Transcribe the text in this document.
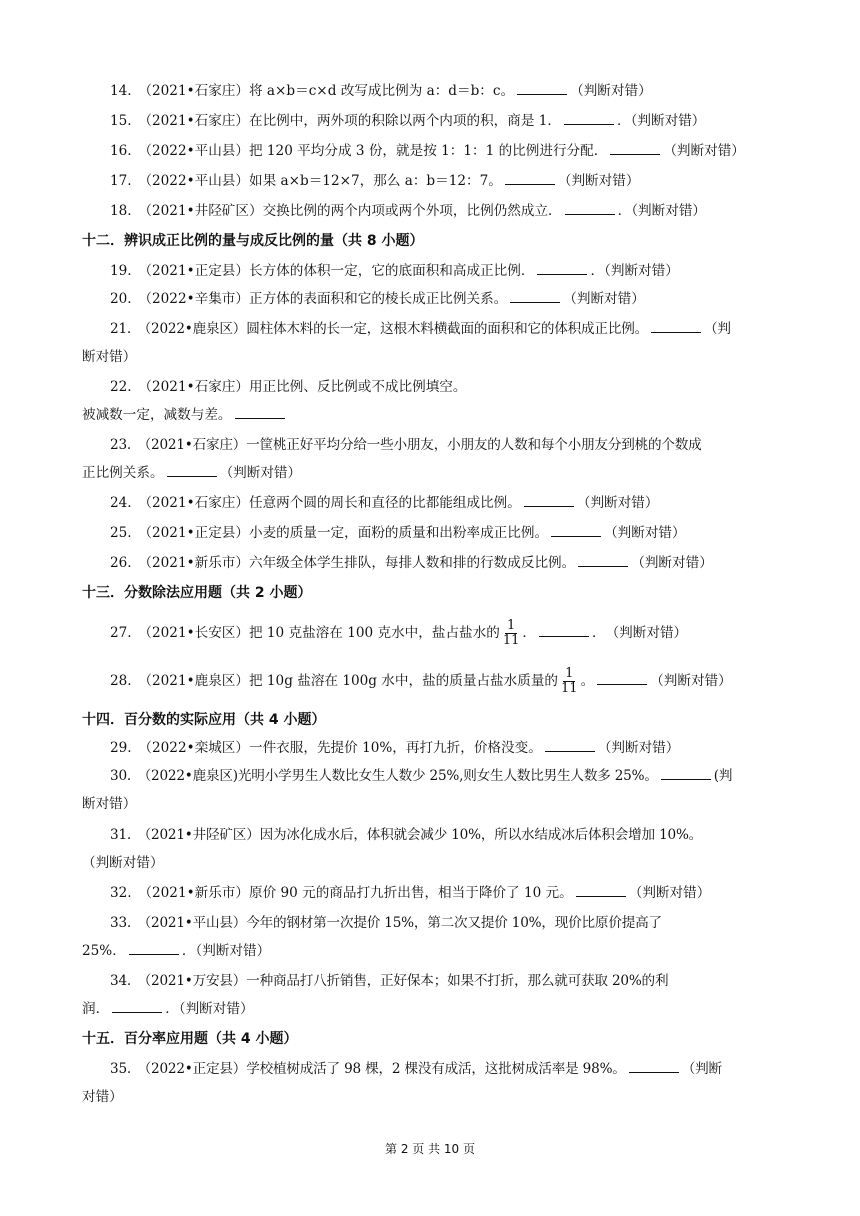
14.　（2021•石家庄）将 a×b＝c×d 改写成比例为 a：d＝b：c。	（判断对错）
15.　（2021•石家庄）在比例中，两外项的积除以两个内项的积，商是 1．	．（判断对错）
16.　（2022•平山县）把 120 平均分成 3 份，就是按 1：1：1 的比例进行分配．	（判断对错）
17.　（2022•平山县）如果 a×b＝12×7，那么 a：b＝12：7。	（判断对错）
18.　（2021•井陉矿区）交换比例的两个内项或两个外项，比例仍然成立．	．（判断对错）
十二．辨识成正比例的量与成反比例的量（共 8 小题）
19.　（2021•正定县）长方体的体积一定，它的底面积和高成正比例．	．（判断对错）
20.　（2022•辛集市）正方体的表面积和它的棱长成正比例关系。	（判断对错）
21.　（2022•鹿泉区）圆柱体木料的长一定，这根木料横截面的面积和它的体积成正比例。	（判
断对错）
22.　（2021•石家庄）用正比例、反比例或不成比例填空。
被减数一定，减数与差。
23.　（2021•石家庄）一筐桃正好平均分给一些小朋友，小朋友的人数和每个小朋友分到桃的个数成
正比例关系。	（判断对错）
24.　（2021•石家庄）任意两个圆的周长和直径的比都能组成比例。	（判断对错）
25.　（2021•正定县）小麦的质量一定，面粉的质量和出粉率成正比例。	（判断对错）
26.　（2021•新乐市）六年级全体学生排队，每排人数和排的行数成反比例。	（判断对错）
十三．分数除法应用题（共 2 小题）
27.　（2021•长安区）把 10 克盐溶在 100 克水中，盐占盐水的 $\frac{1}{11}$ ．	．　（判断对错）
28.　（2021•鹿泉区）把 10g 盐溶在 100g 水中，盐的质量占盐水质量的 $\frac{1}{11}$ 。	（判断对错）
十四．百分数的实际应用（共 4 小题）
29.　（2022•栾城区）一件衣服，先提价 10%，再打九折，价格没变。	（判断对错）
30.　（2022•鹿泉区)光明小学男生人数比女生人数少 25%,则女生人数比男生人数多 25%。	(判
断对错）
31.　（2021•井陉矿区）因为冰化成水后，体积就会减少 10%，所以水结成冰后体积会增加 10%。
（判断对错）
32.　（2021•新乐市）原价 90 元的商品打九折出售，相当于降价了 10 元。	（判断对错）
33.　（2021•平山县）今年的钢材第一次提价 15%，第二次又提价 10%，现价比原价提高了
25%．	．（判断对错）
34.　（2021•万安县）一种商品打八折销售，正好保本；如果不打折，那么就可获取 20%的利
润．	．（判断对错）
十五．百分率应用题（共 4 小题）
35.　（2022•正定县）学校植树成活了 98 棵，2 棵没有成活，这批树成活率是 98%。	（判断
对错）
第 2 页 共 10 页
